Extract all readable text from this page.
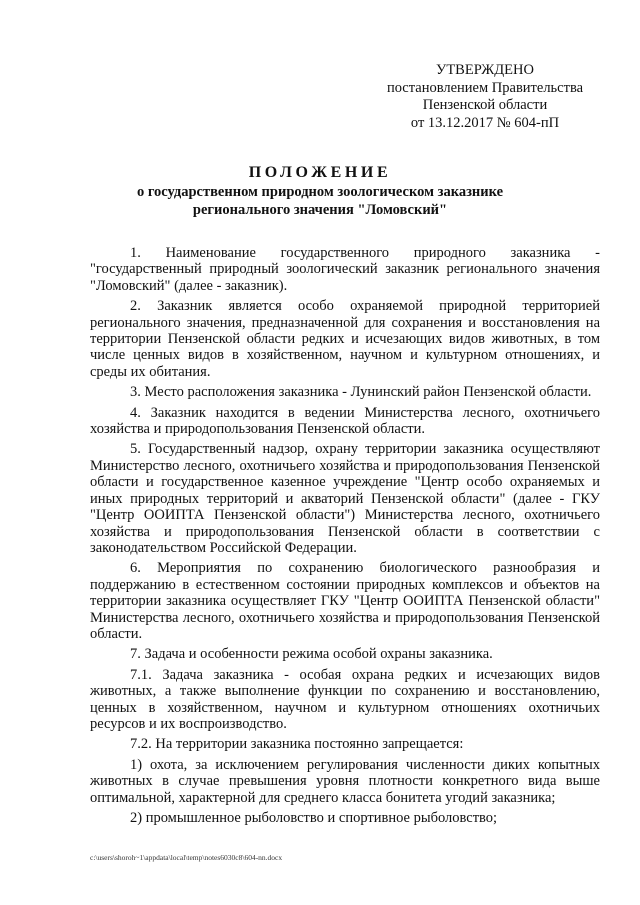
УТВЕРЖДЕНО
постановлением Правительства
Пензенской области
от 13.12.2017 № 604-пП
ПОЛОЖЕНИЕ
о государственном природном зоологическом заказнике
регионального значения "Ломовский"

1. Наименование государственного природного заказника - "государственный природный зоологический заказник регионального значения "Ломовский" (далее - заказник).

2. Заказник является особо охраняемой природной территорией регионального значения, предназначенной для сохранения и восстановления на территории Пензенской области редких и исчезающих видов животных, в том числе ценных видов в хозяйственном, научном и культурном отношениях, и среды их обитания.

3. Место расположения заказника - Лунинский район Пензенской области.

4. Заказник находится в ведении Министерства лесного, охотничьего хозяйства и природопользования Пензенской области.

5. Государственный надзор, охрану территории заказника осуществляют Министерство лесного, охотничьего хозяйства и природопользования Пензенской области и государственное казенное учреждение "Центр особо охраняемых и иных природных территорий и акваторий Пензенской области" (далее - ГКУ "Центр ООИПТА Пензенской области") Министерства лесного, охотничьего хозяйства и природопользования Пензенской области в соответствии с законодательством Российской Федерации.

6. Мероприятия по сохранению биологического разнообразия и поддержанию в естественном состоянии природных комплексов и объектов на территории заказника осуществляет ГКУ "Центр ООИПТА Пензенской области" Министерства лесного, охотничьего хозяйства и природопользования Пензенской области.

7. Задача и особенности режима особой охраны заказника.

7.1. Задача заказника - особая охрана редких и исчезающих видов животных, а также выполнение функции по сохранению и восстановлению, ценных в хозяйственном, научном и культурном отношениях охотничьих ресурсов и их воспроизводство.

7.2. На территории заказника постоянно запрещается:

1) охота, за исключением регулирования численности диких копытных животных в случае превышения уровня плотности конкретного вида выше оптимальной, характерной для среднего класса бонитета угодий заказника;

2) промышленное рыболовство и спортивное рыболовство;

c:\users\shoroh~1\appdata\local\temp\notes6030c8\604-nn.docx
